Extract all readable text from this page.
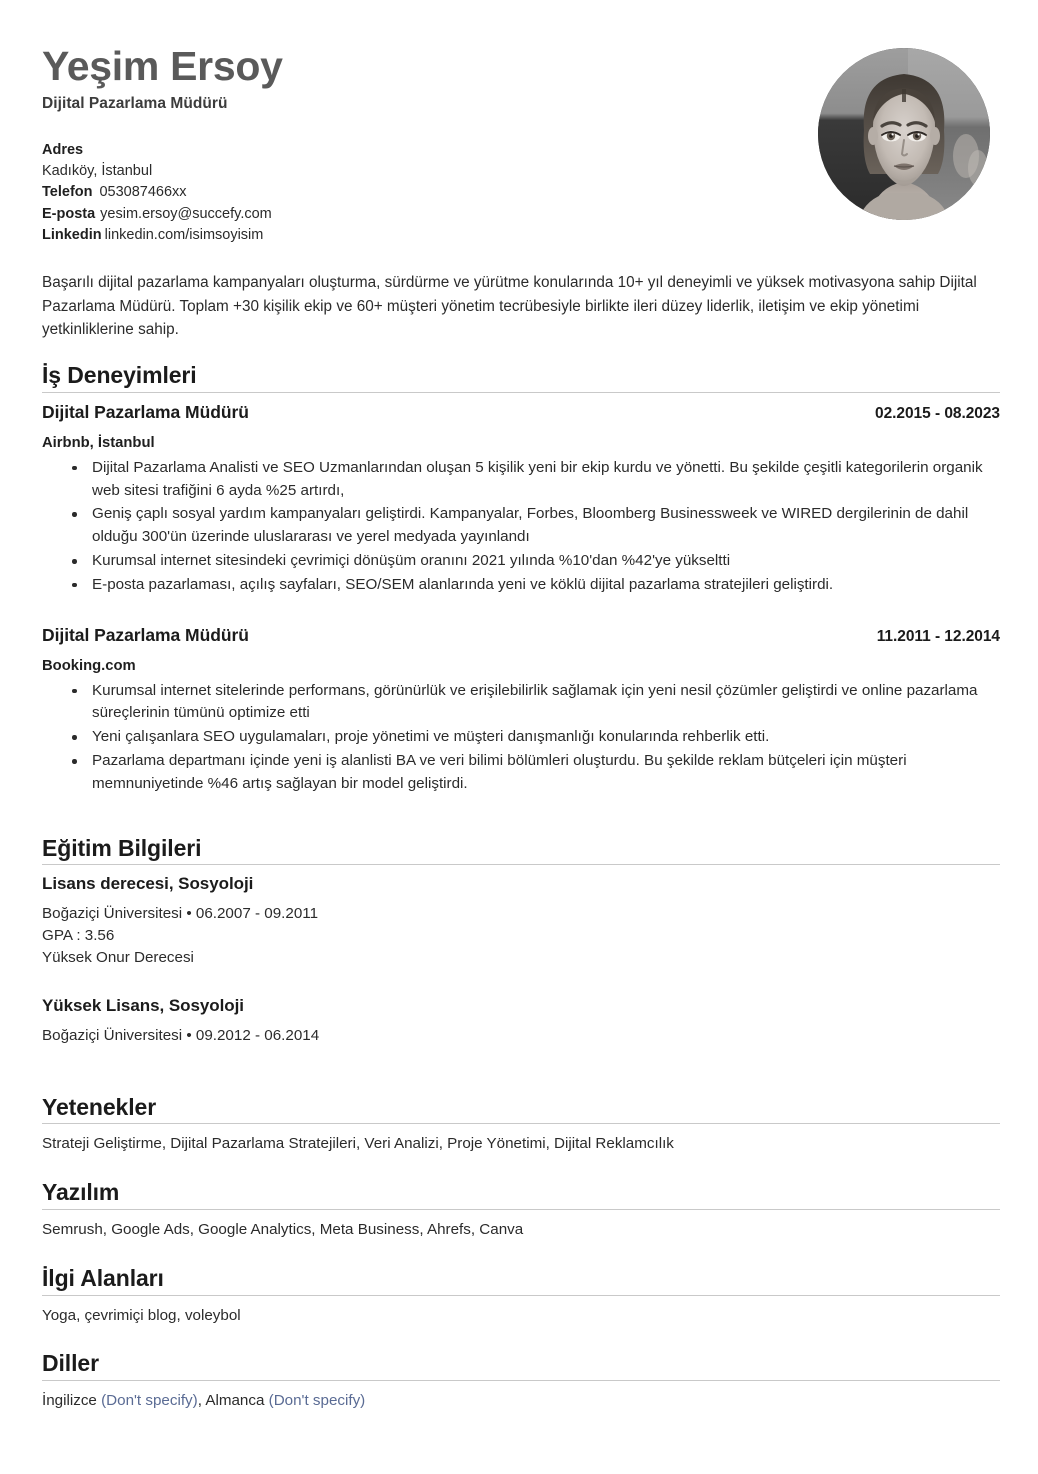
Yeşim Ersoy
Dijital Pazarlama Müdürü
Adres
Kadıköy, İstanbul
Telefon 053087466xx
E-posta yesim.ersoy@succefy.com
Linkedin linkedin.com/isimsoyisim
Başarılı dijital pazarlama kampanyaları oluşturma, sürdürme ve yürütme konularında 10+ yıl deneyimli ve yüksek motivasyona sahip Dijital Pazarlama Müdürü. Toplam +30 kişilik ekip ve 60+ müşteri yönetim tecrübesiyle birlikte ileri düzey liderlik, iletişim ve ekip yönetimi yetkinliklerine sahip.
İş Deneyimleri
Dijital Pazarlama Müdürü	02.2015 - 08.2023
Airbnb, İstanbul
Dijital Pazarlama Analisti ve SEO Uzmanlarından oluşan 5 kişilik yeni bir ekip kurdu ve yönetti. Bu şekilde çeşitli kategorilerin organik web sitesi trafiğini 6 ayda %25 artırdı,
Geniş çaplı sosyal yardım kampanyaları geliştirdi. Kampanyalar, Forbes, Bloomberg Businessweek ve WIRED dergilerinin de dahil olduğu 300'ün üzerinde uluslararası ve yerel medyada yayınlandı
Kurumsal internet sitesindeki çevrimiçi dönüşüm oranını 2021 yılında %10'dan %42'ye yükseltti
E-posta pazarlaması, açılış sayfaları, SEO/SEM alanlarında yeni ve köklü dijital pazarlama stratejileri geliştirdi.
Dijital Pazarlama Müdürü	11.2011 - 12.2014
Booking.com
Kurumsal internet sitelerinde performans, görünürlük ve erişilebilirlik sağlamak için yeni nesil çözümler geliştirdi ve online pazarlama süreçlerinin tümünü optimize etti
Yeni çalışanlara SEO uygulamaları, proje yönetimi ve müşteri danışmanlığı konularında rehberlik etti.
Pazarlama departmanı içinde yeni iş alanlisti BA ve veri bilimi bölümleri oluşturdu. Bu şekilde reklam bütçeleri için müşteri memnuniyetinde %46 artış sağlayan bir model geliştirdi.
Eğitim Bilgileri
Lisans derecesi, Sosyoloji
Boğaziçi Üniversitesi • 06.2007 - 09.2011
GPA : 3.56
Yüksek Onur Derecesi
Yüksek Lisans, Sosyoloji
Boğaziçi Üniversitesi • 09.2012 - 06.2014
Yetenekler
Strateji Geliştirme, Dijital Pazarlama Stratejileri, Veri Analizi, Proje Yönetimi, Dijital Reklamcılık
Yazılım
Semrush, Google Ads, Google Analytics, Meta Business, Ahrefs, Canva
İlgi Alanları
Yoga, çevrimiçi blog, voleybol
Diller
İngilizce (Don't specify), Almanca (Don't specify)
